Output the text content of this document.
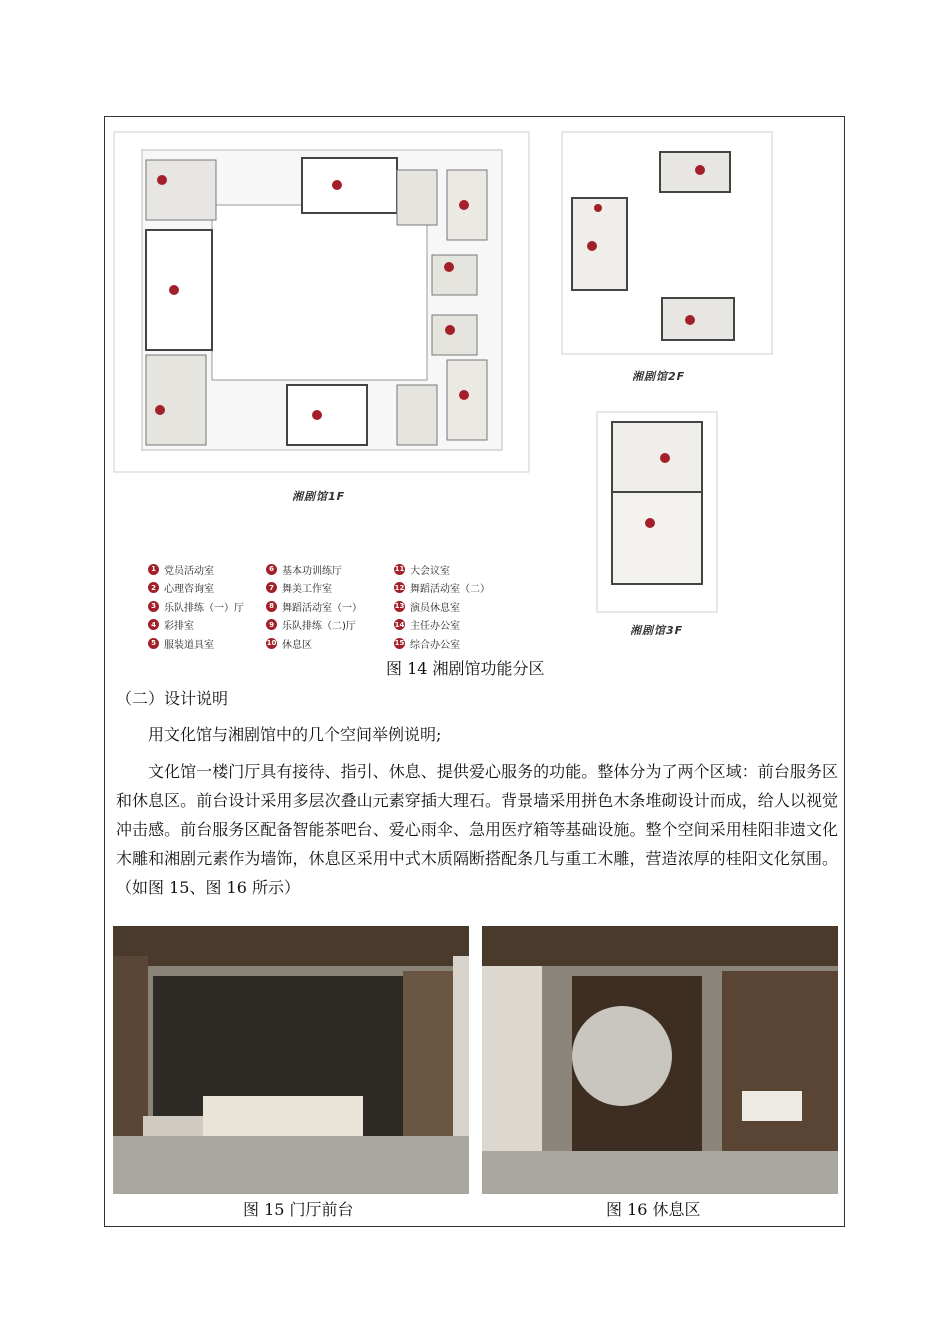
湘剧馆1F
湘剧馆2F
湘剧馆3F
1 党员活动室
2 心理咨询室
3 乐队排练（一）厅
4 彩排室
5 服装道具室
6 基本功训练厅
7 舞美工作室
8 舞蹈活动室（一）
9 乐队排练（二)厅
10 休息区
11 大会议室
12 舞蹈活动室（二）
13 演员休息室
14 主任办公室
15 综合办公室
图 14 湘剧馆功能分区
（二）设计说明
用文化馆与湘剧馆中的几个空间举例说明;
文化馆一楼门厅具有接待、指引、休息、提供爱心服务的功能。整体分为了两个区域：前台服务区和休息区。前台设计采用多层次叠山元素穿插大理石。背景墙采用拼色木条堆砌设计而成，给人以视觉冲击感。前台服务区配备智能茶吧台、爱心雨伞、急用医疗箱等基础设施。整个空间采用桂阳非遗文化木雕和湘剧元素作为墙饰，休息区采用中式木质隔断搭配条几与重工木雕，营造浓厚的桂阳文化氛围。（如图 15、图 16 所示）
图 15 门厅前台	图 16 休息区
